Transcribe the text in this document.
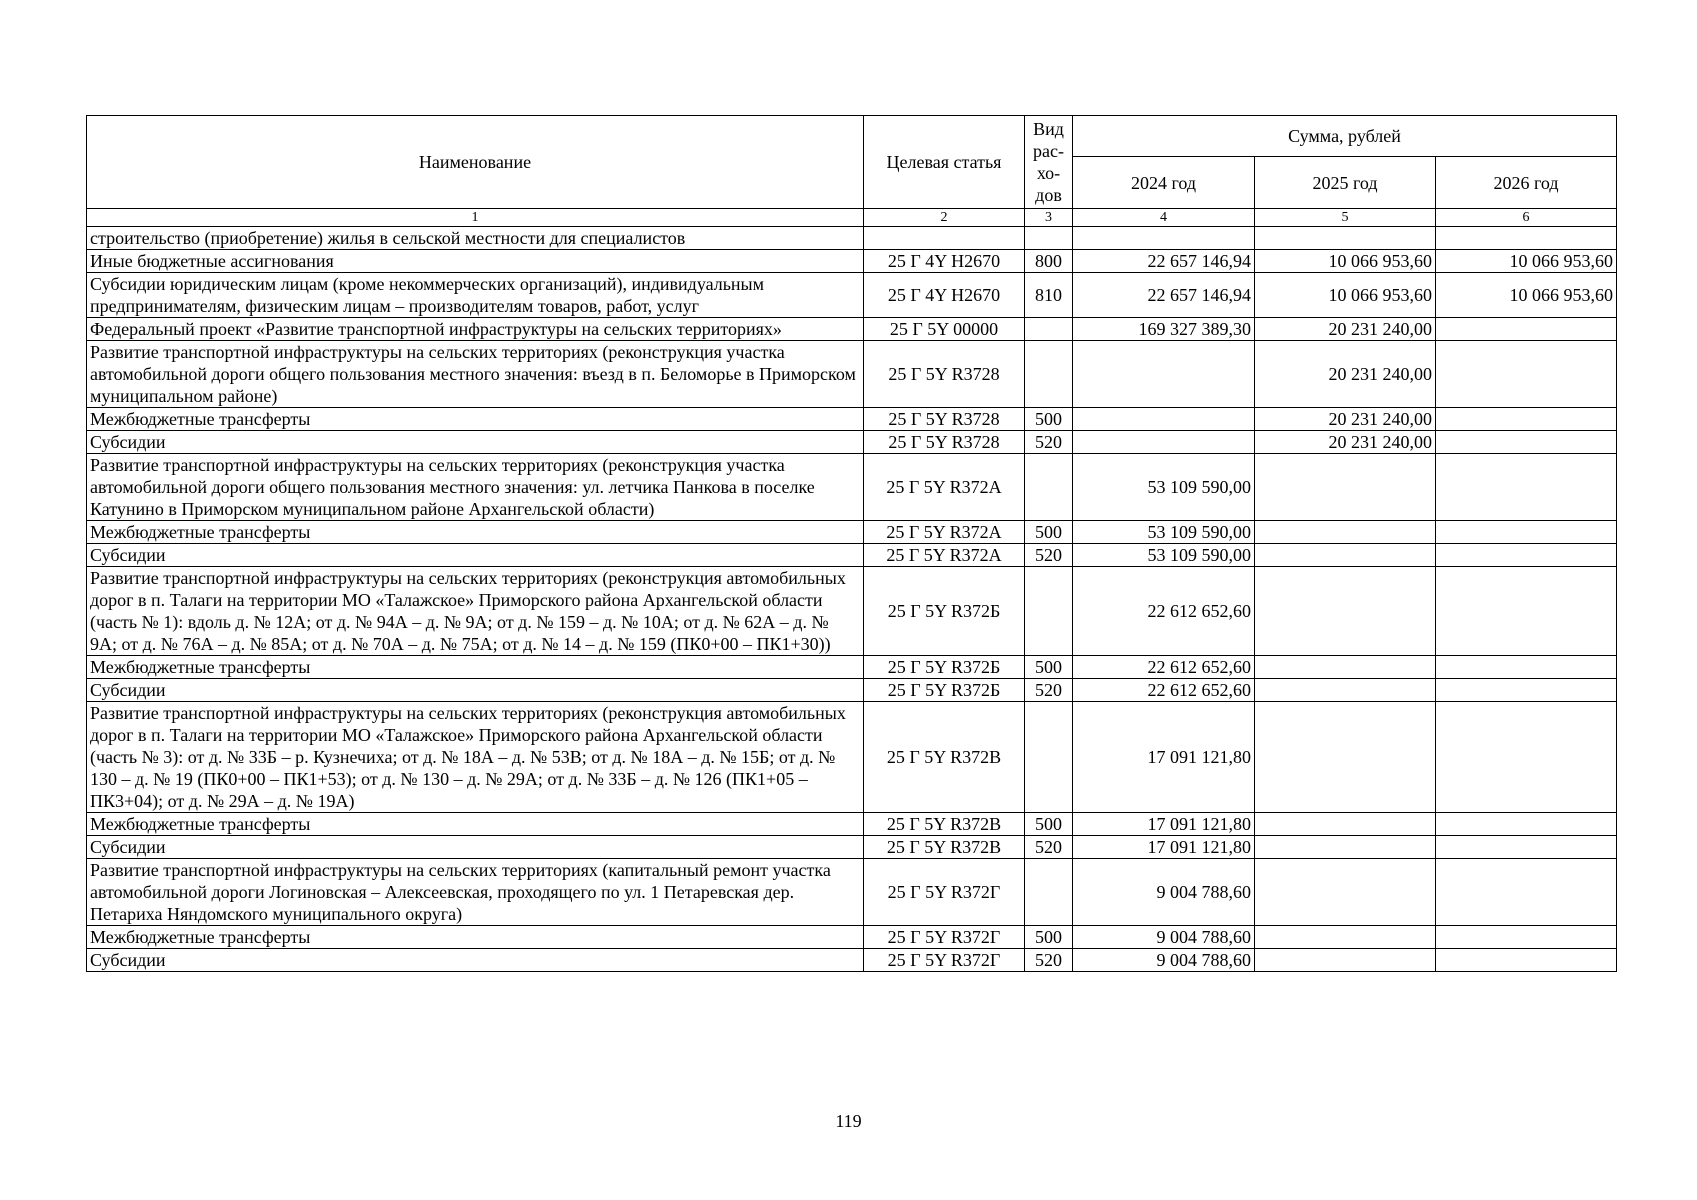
Наименование	Целевая статья	Вид рас-хо-дов	Сумма, рублей		
			2024 год	2025 год	2026 год
1	2	3	4	5	6
строительство (приобретение) жилья в сельской местности для специалистов					
Иные бюджетные ассигнования	25 Г 4Y H2670	800	22 657 146,94	10 066 953,60	10 066 953,60
Субсидии юридическим лицам (кроме некоммерческих организаций), индивидуальным предпринимателям, физическим лицам – производителям товаров, работ, услуг	25 Г 4Y H2670	810	22 657 146,94	10 066 953,60	10 066 953,60
Федеральный проект «Развитие транспортной инфраструктуры на сельских территориях»	25 Г 5Y 00000		169 327 389,30	20 231 240,00	
Развитие транспортной инфраструктуры на сельских территориях (реконструкция участка автомобильной дороги общего пользования местного значения: въезд в п. Беломорье в Приморском муниципальном районе)	25 Г 5Y R3728			20 231 240,00	
Межбюджетные трансферты	25 Г 5Y R3728	500		20 231 240,00	
Субсидии	25 Г 5Y R3728	520		20 231 240,00	
Развитие транспортной инфраструктуры на сельских территориях (реконструкция участка автомобильной дороги общего пользования местного значения: ул. летчика Панкова в поселке Катунино в Приморском муниципальном районе Архангельской области)	25 Г 5Y R372A		53 109 590,00		
Межбюджетные трансферты	25 Г 5Y R372A	500	53 109 590,00		
Субсидии	25 Г 5Y R372A	520	53 109 590,00		
Развитие транспортной инфраструктуры на сельских территориях (реконструкция автомобильных дорог в п. Талаги на территории МО «Талажское» Приморского района Архангельской области (часть № 1): вдоль д. № 12А; от д. № 94А – д. № 9А; от д. № 159 – д. № 10А; от д. № 62А – д. № 9А; от д. № 76А – д. № 85А; от д. № 70А – д. № 75А; от д. № 14 – д. № 159 (ПК0+00 – ПК1+30))	25 Г 5Y R372Б		22 612 652,60		
Межбюджетные трансферты	25 Г 5Y R372Б	500	22 612 652,60		
Субсидии	25 Г 5Y R372Б	520	22 612 652,60		
Развитие транспортной инфраструктуры на сельских территориях (реконструкция автомобильных дорог в п. Талаги на территории МО «Талажское» Приморского района Архангельской области (часть № 3): от д. № 33Б – р. Кузнечиха; от д. № 18А – д. № 53В; от д. № 18А – д. № 15Б; от д. № 130 – д. № 19 (ПК0+00 – ПК1+53); от д. № 130 – д. № 29А; от д. № 33Б – д. № 126 (ПК1+05 – ПК3+04); от д. № 29А – д. № 19А)	25 Г 5Y R372В		17 091 121,80		
Межбюджетные трансферты	25 Г 5Y R372В	500	17 091 121,80		
Субсидии	25 Г 5Y R372В	520	17 091 121,80		
Развитие транспортной инфраструктуры на сельских территориях (капитальный ремонт участка автомобильной дороги Логиновская – Алексеевская, проходящего по ул. 1 Петаревская дер. Петариха Няндомского муниципального округа)	25 Г 5Y R372Г		9 004 788,60		
Межбюджетные трансферты	25 Г 5Y R372Г	500	9 004 788,60		
Субсидии	25 Г 5Y R372Г	520	9 004 788,60		
119
